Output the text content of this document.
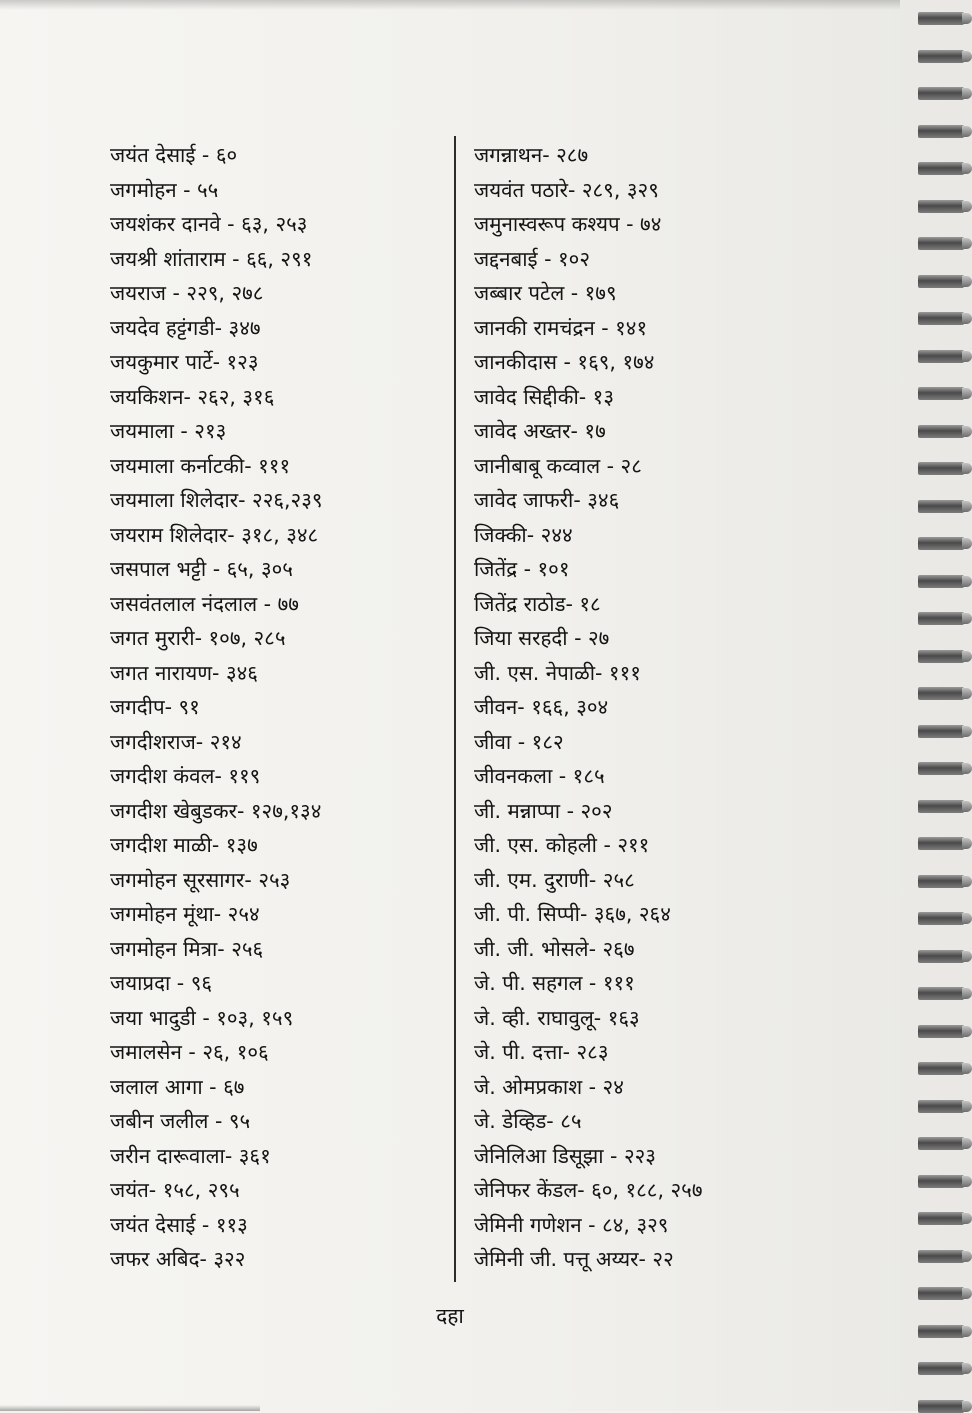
जयंत देसाई - ६०
जगमोहन - ५५
जयशंकर दानवे - ६३, २५३
जयश्री शांताराम - ६६, २९१
जयराज - २२९, २७८
जयदेव हट्टंगडी- ३४७
जयकुमार पार्टे- १२३
जयकिशन- २६२, ३१६
जयमाला - २१३
जयमाला कर्नाटकी- १११
जयमाला शिलेदार- २२६,२३९
जयराम शिलेदार- ३१८, ३४८
जसपाल भट्टी - ६५, ३०५
जसवंतलाल नंदलाल - ७७
जगत मुरारी- १०७, २८५
जगत नारायण- ३४६
जगदीप- ९१
जगदीशराज- २१४
जगदीश कंवल- ११९
जगदीश खेबुडकर- १२७,१३४
जगदीश माळी- १३७
जगमोहन सूरसागर- २५३
जगमोहन मूंथा- २५४
जगमोहन मित्रा- २५६
जयाप्रदा - ९६
जया भादुडी - १०३, १५९
जमालसेन - २६, १०६
जलाल आगा - ६७
जबीन जलील - ९५
जरीन दारूवाला- ३६१
जयंत- १५८, २९५
जयंत देसाई - ११३
जफर अबिद- ३२२
जगन्नाथन- २८७
जयवंत पठारे- २८९, ३२९
जमुनास्वरूप कश्यप - ७४
जद्दनबाई - १०२
जब्बार पटेल - १७९
जानकी रामचंद्रन - १४१
जानकीदास - १६९, १७४
जावेद सिद्दीकी- १३
जावेद अख्तर- १७
जानीबाबू कव्वाल - २८
जावेद जाफरी- ३४६
जिक्की- २४४
जितेंद्र - १०१
जितेंद्र राठोड- १८
जिया सरहदी - २७
जी. एस. नेपाळी- १११
जीवन- १६६, ३०४
जीवा - १८२
जीवनकला - १८५
जी. मन्नाप्पा - २०२
जी. एस. कोहली - २११
जी. एम. दुराणी- २५८
जी. पी. सिप्पी- ३६७, २६४
जी. जी. भोसले- २६७
जे. पी. सहगल - १११
जे. व्ही. राघावुलू- १६३
जे. पी. दत्ता- २८३
जे. ओमप्रकाश - २४
जे. डेव्हिड- ८५
जेनिलिआ डिसूझा - २२३
जेनिफर केंडल- ६०, १८८, २५७
जेमिनी गणेशन - ८४, ३२९
जेमिनी जी. पत्तू अय्यर- २२
दहा
